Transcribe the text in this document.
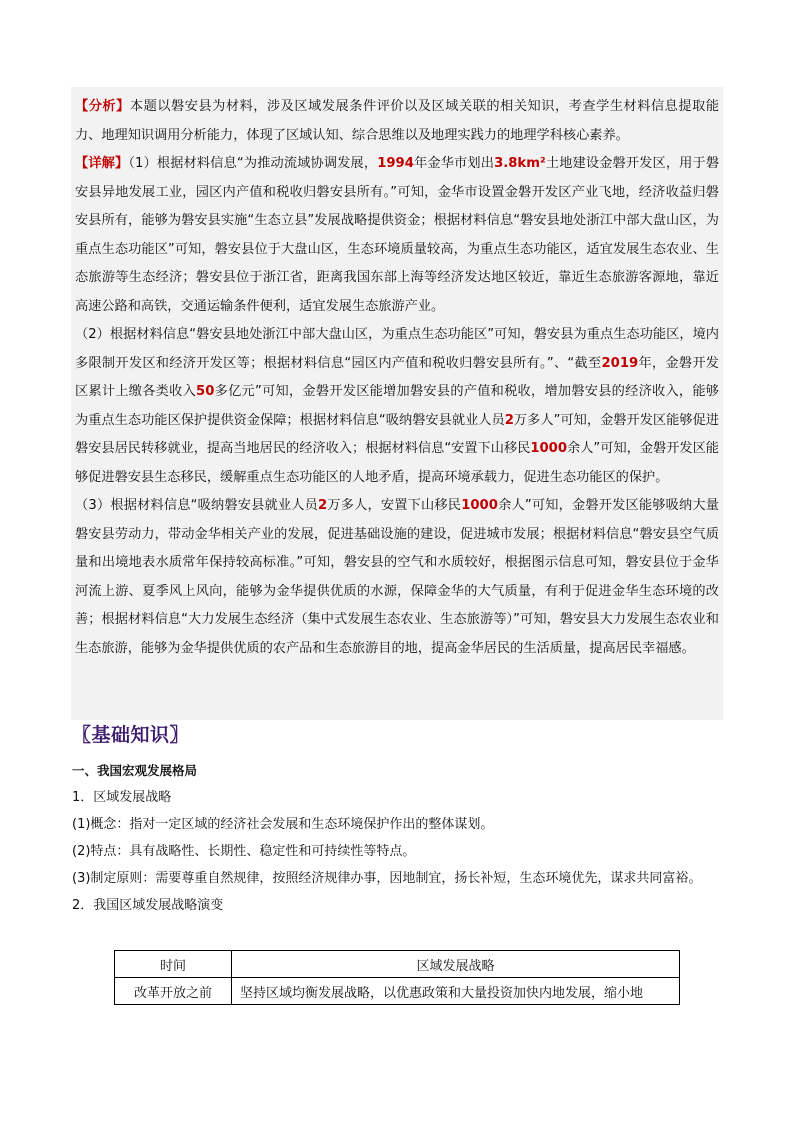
【分析】本题以磐安县为材料，涉及区域发展条件评价以及区域关联的相关知识，考查学生材料信息提取能力、地理知识调用分析能力，体现了区域认知、综合思维以及地理实践力的地理学科核心素养。

【详解】（1）根据材料信息“为推动流域协调发展，1994年金华市划出3.8km²土地建设金磐开发区，用于磐安县异地发展工业，园区内产值和税收归磐安县所有。”可知，金华市设置金磐开发区产业飞地，经济收益归磐安县所有，能够为磐安县实施“生态立县”发展战略提供资金；根据材料信息“磐安县地处浙江中部大盘山区，为重点生态功能区”可知，磐安县位于大盘山区，生态环境质量较高，为重点生态功能区，适宜发展生态农业、生态旅游等生态经济；磐安县位于浙江省，距离我国东部上海等经济发达地区较近，靠近生态旅游客源地，靠近高速公路和高铁，交通运输条件便利，适宜发展生态旅游产业。

（2）根据材料信息“磐安县地处浙江中部大盘山区，为重点生态功能区”可知，磐安县为重点生态功能区，境内多限制开发区和经济开发区等；根据材料信息“园区内产值和税收归磐安县所有。”、“截至2019年，金磐开发区累计上缴各类收入50多亿元”可知，金磐开发区能增加磐安县的产值和税收，增加磐安县的经济收入，能够为重点生态功能区保护提供资金保障；根据材料信息“吸纳磐安县就业人员2万多人”可知，金磐开发区能够促进磐安县居民转移就业，提高当地居民的经济收入；根据材料信息“安置下山移民1000余人”可知，金磐开发区能够促进磐安县生态移民，缓解重点生态功能区的人地矛盾，提高环境承载力，促进生态功能区的保护。

（3）根据材料信息“吸纳磐安县就业人员2万多人，安置下山移民1000余人”可知，金磐开发区能够吸纳大量磐安县劳动力，带动金华相关产业的发展，促进基础设施的建设，促进城市发展；根据材料信息“磐安县空气质量和出境地表水质常年保持较高标准。”可知，磐安县的空气和水质较好，根据图示信息可知，磐安县位于金华河流上游、夏季风上风向，能够为金华提供优质的水源，保障金华的大气质量，有利于促进金华生态环境的改善；根据材料信息“大力发展生态经济（集中式发展生态农业、生态旅游等）”可知，磐安县大力发展生态农业和生态旅游，能够为金华提供优质的农产品和生态旅游目的地，提高金华居民的生活质量，提高居民幸福感。

〖基础知识〗

一、我国宏观发展格局

1．区域发展战略

(1)概念：指对一定区域的经济社会发展和生态环境保护作出的整体谋划。

(2)特点：具有战略性、长期性、稳定性和可持续性等特点。

(3)制定原则：需要尊重自然规律，按照经济规律办事，因地制宜，扬长补短，生态环境优先，谋求共同富裕。

2．我国区域发展战略演变

时间	区域发展战略
改革开放之前	坚持区域均衡发展战略，以优惠政策和大量投资加快内地发展，缩小地
